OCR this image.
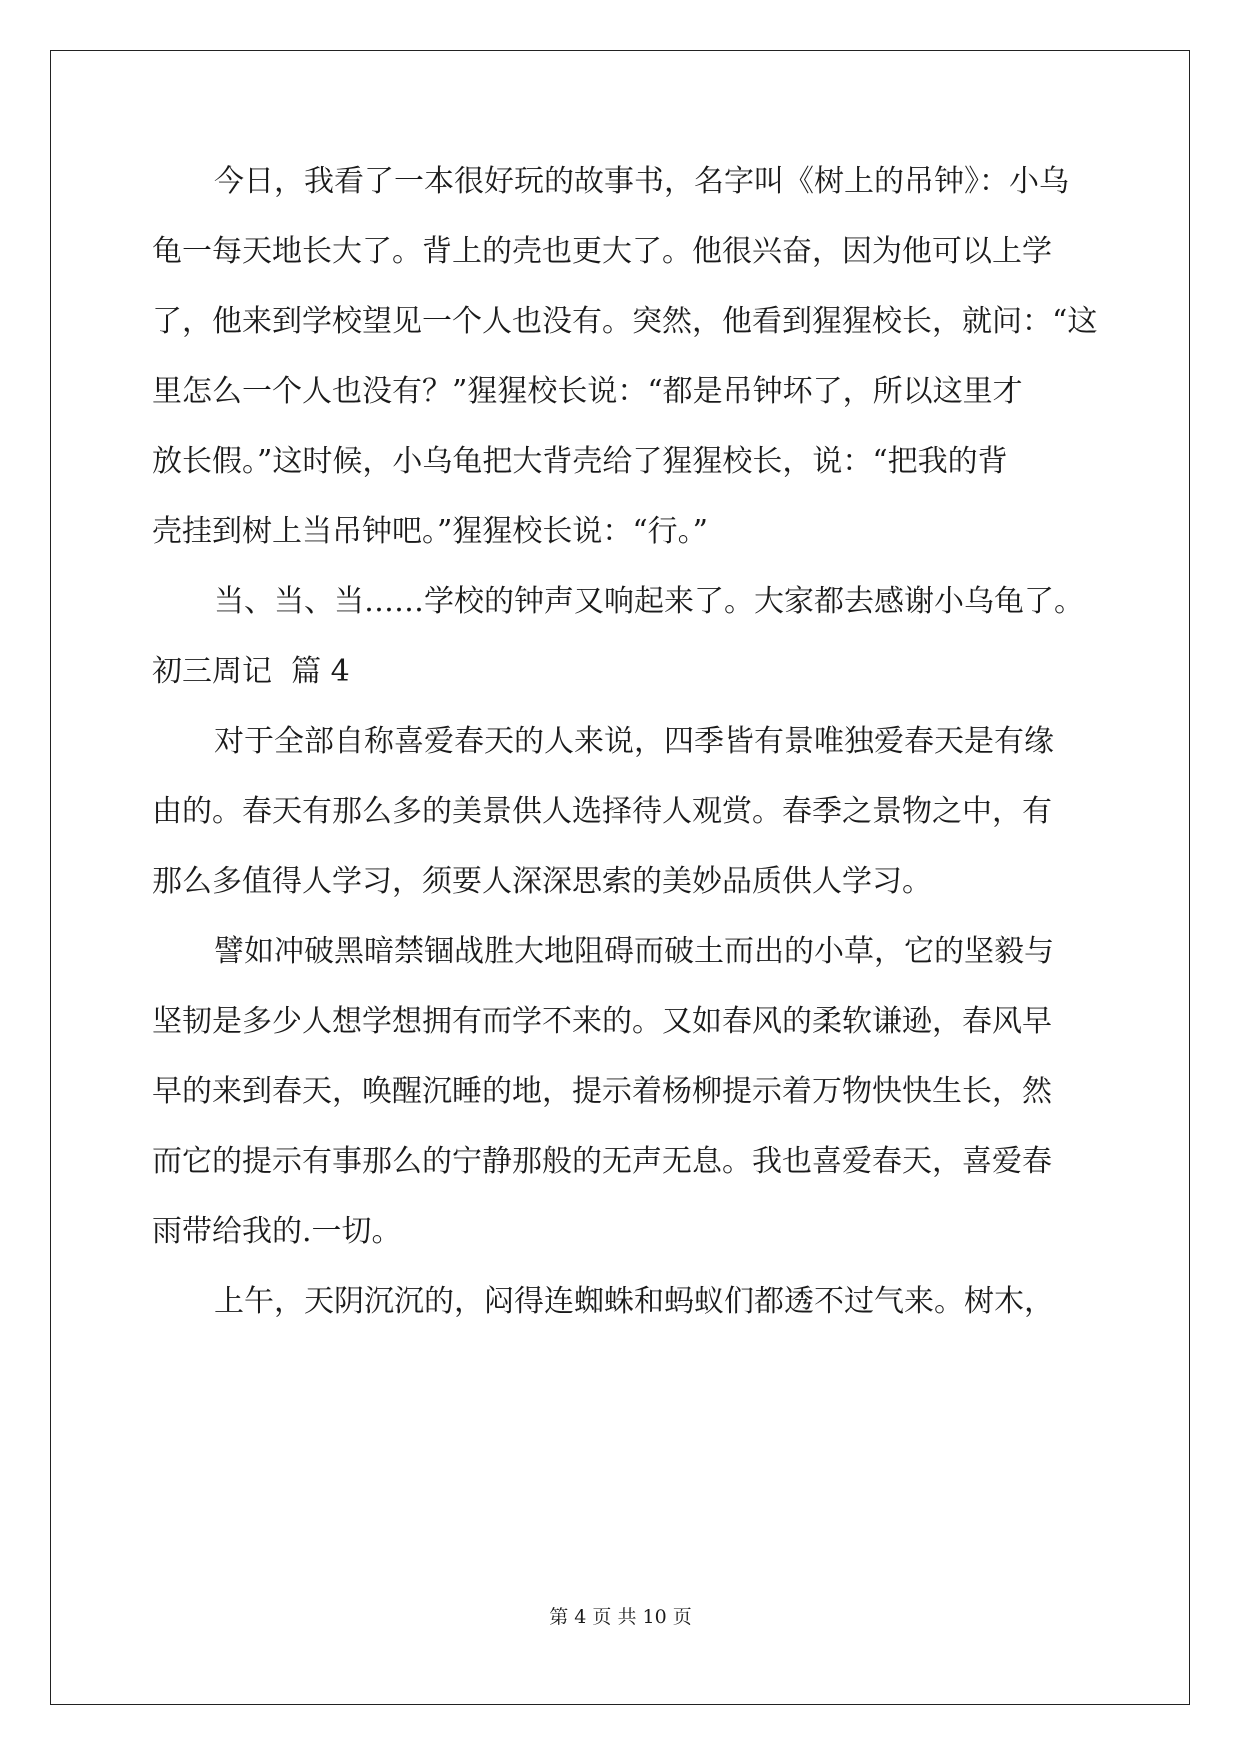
今日，我看了一本很好玩的故事书，名字叫《树上的吊钟》：小乌
龟一每天地长大了。背上的壳也更大了。他很兴奋，因为他可以上学
了，他来到学校望见一个人也没有。突然，他看到猩猩校长，就问：“这
里怎么一个人也没有？”猩猩校长说：“都是吊钟坏了，所以这里才
放长假。”这时候，小乌龟把大背壳给了猩猩校长，说：“把我的背
壳挂到树上当吊钟吧。”猩猩校长说：“行。”
当、当、当……学校的钟声又响起来了。大家都去感谢小乌龟了。
初三周记  篇 4
对于全部自称喜爱春天的人来说，四季皆有景唯独爱春天是有缘
由的。春天有那么多的美景供人选择待人观赏。春季之景物之中，有
那么多值得人学习，须要人深深思索的美妙品质供人学习。
譬如冲破黑暗禁锢战胜大地阻碍而破土而出的小草，它的坚毅与
坚韧是多少人想学想拥有而学不来的。又如春风的柔软谦逊，春风早
早的来到春天，唤醒沉睡的地，提示着杨柳提示着万物快快生长，然
而它的提示有事那么的宁静那般的无声无息。我也喜爱春天，喜爱春
雨带给我的.一切。
上午，天阴沉沉的，闷得连蜘蛛和蚂蚁们都透不过气来。树木，
第 4 页 共 10 页
